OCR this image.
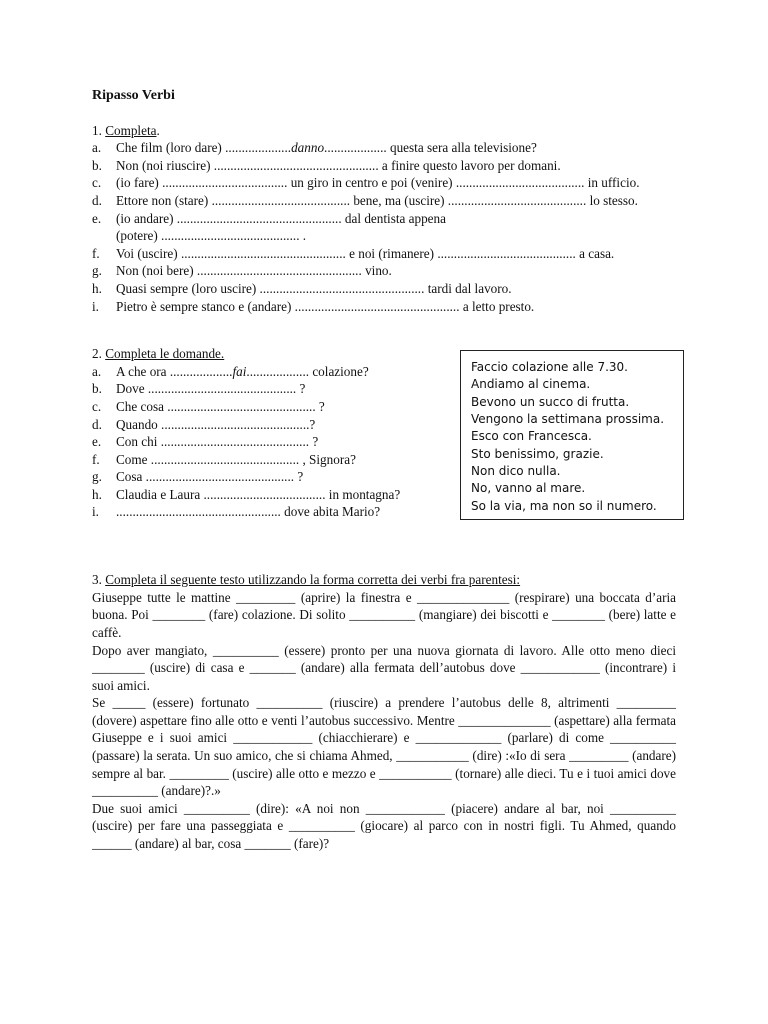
Ripasso Verbi
1. Completa.
a. Che film (loro dare) ....................danno................... questa sera alla televisione?
b. Non (noi riuscire) .................................................. a finire questo lavoro per domani.
c. (io fare) ...................................... un giro in centro e poi (venire) ....................................... in ufficio.
d. Ettore non (stare) .......................................... bene, ma (uscire) .......................................... lo stesso.
e. (io andare) .................................................. dal dentista appena
(potere) .......................................... .
f. Voi (uscire) .................................................. e noi (rimanere) .......................................... a casa.
g. Non (noi bere) .................................................. vino.
h. Quasi sempre (loro uscire) .................................................. tardi dal lavoro.
i. Pietro è sempre stanco e (andare) .................................................. a letto presto.
2. Completa le domande.
a. A che ora ...................fai................... colazione?
b. Dove ............................................. ?
c. Che cosa ............................................. ?
d. Quando .............................................?
e. Con chi ............................................. ?
f. Come ............................................. , Signora?
g. Cosa ............................................. ?
h. Claudia e Laura ..................................... in montagna?
i. .................................................. dove abita Mario?
Faccio colazione alle 7.30.
Andiamo al cinema.
Bevono un succo di frutta.
Vengono la settimana prossima.
Esco con Francesca.
Sto benissimo, grazie.
Non dico nulla.
No, vanno al mare.
So la via, ma non so il numero.
3. Completa il seguente testo utilizzando la forma corretta dei verbi fra parentesi:

Giuseppe tutte le mattine _________ (aprire) la finestra e ______________ (respirare) una boccata d’aria buona. Poi ________ (fare) colazione. Di solito __________ (mangiare) dei biscotti e ________ (bere) latte e caffè.

Dopo aver mangiato, __________ (essere) pronto per una nuova giornata di lavoro. Alle otto meno dieci ________ (uscire) di casa e _______ (andare) alla fermata dell’autobus dove ____________ (incontrare) i suoi amici.

Se _____ (essere) fortunato __________ (riuscire) a prendere l’autobus delle 8, altrimenti _________ (dovere) aspettare fino alle otto e venti l’autobus successivo. Mentre ______________ (aspettare) alla fermata Giuseppe e i suoi amici ____________ (chiacchierare) e _____________ (parlare) di come __________ (passare) la serata. Un suo amico, che si chiama Ahmed, ___________ (dire) :«Io di sera _________ (andare) sempre al bar. _________ (uscire) alle otto e mezzo e ___________ (tornare) alle dieci. Tu e i tuoi amici dove __________ (andare)?.»

Due suoi amici __________ (dire): «A noi non ____________ (piacere) andare al bar, noi __________ (uscire) per fare una passeggiata e __________ (giocare) al parco con in nostri figli. Tu Ahmed, quando ______ (andare) al bar, cosa _______ (fare)?
